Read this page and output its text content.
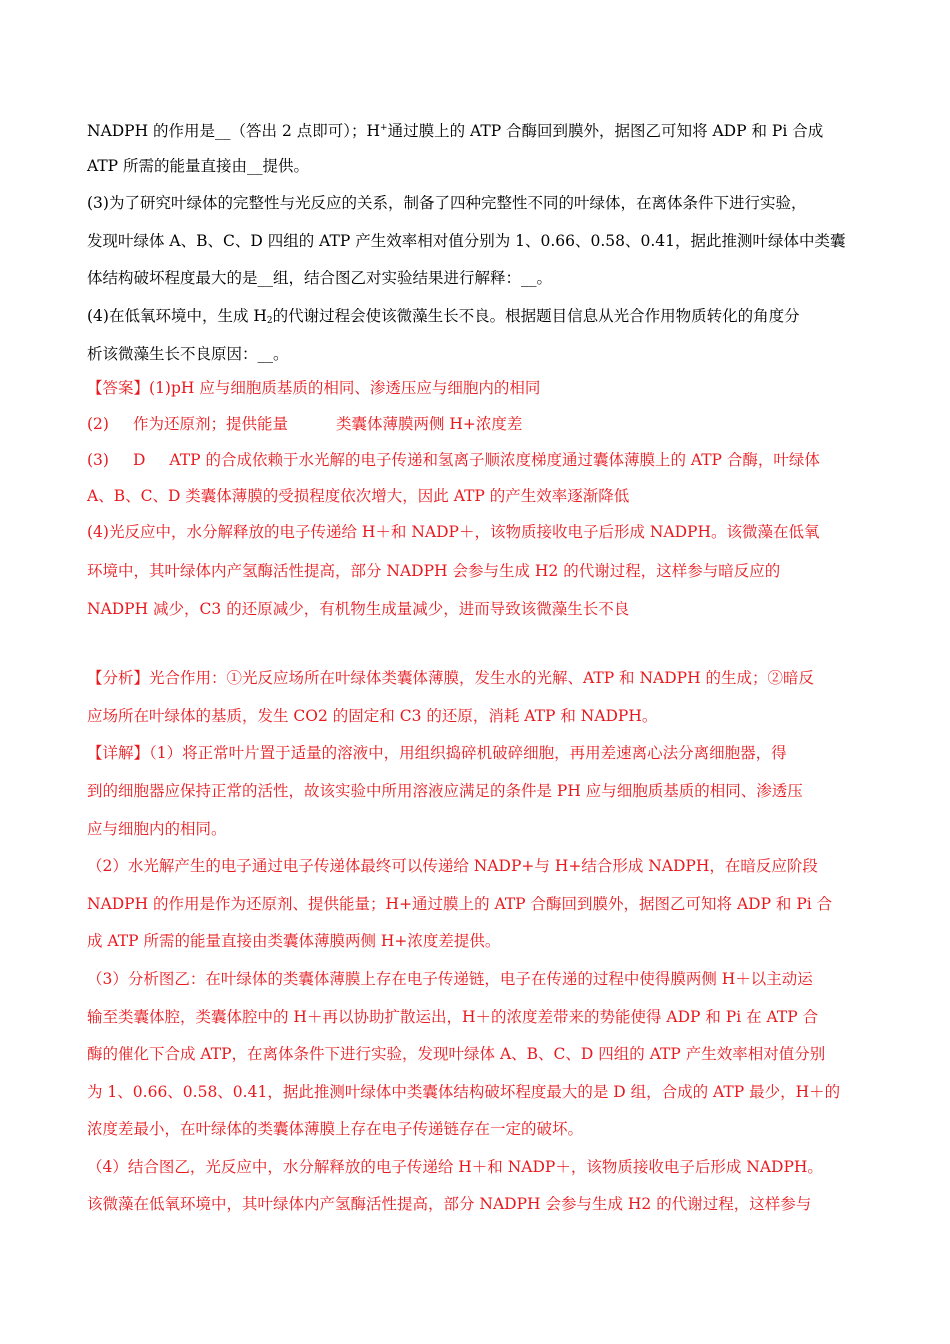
NADPH 的作用是__（答出 2 点即可）；H+通过膜上的 ATP 合酶回到膜外，据图乙可知将 ADP 和 Pi 合成
ATP 所需的能量直接由__提供。
(3)为了研究叶绿体的完整性与光反应的关系，制备了四种完整性不同的叶绿体，在离体条件下进行实验，
发现叶绿体 A、B、C、D 四组的 ATP 产生效率相对值分别为 1、0.66、0.58、0.41，据此推测叶绿体中类囊
体结构破坏程度最大的是__组，结合图乙对实验结果进行解释：__。
(4)在低氧环境中，生成 $H_2$的代谢过程会使该微藻生长不良。根据题目信息从光合作用物质转化的角度分
析该微藻生长不良原因：__。
【答案】(1)pH 应与细胞质基质的相同、渗透压应与细胞内的相同
(2) 作为还原剂；提供能量	类囊体薄膜两侧 H+浓度差
(3) D ATP 的合成依赖于水光解的电子传递和氢离子顺浓度梯度通过囊体薄膜上的 ATP 合酶，叶绿体
A、B、C、D 类囊体薄膜的受损程度依次增大，因此 ATP 的产生效率逐渐降低
(4)光反应中，水分解释放的电子传递给 H＋和 NADP＋，该物质接收电子后形成 NADPH。该微藻在低氧
环境中，其叶绿体内产氢酶活性提高，部分 NADPH 会参与生成 H2 的代谢过程，这样参与暗反应的
NADPH 减少，C3 的还原减少，有机物生成量减少，进而导致该微藻生长不良
【分析】光合作用：①光反应场所在叶绿体类囊体薄膜，发生水的光解、ATP 和 NADPH 的生成；②暗反
应场所在叶绿体的基质，发生 CO2 的固定和 C3 的还原，消耗 ATP 和 NADPH。
【详解】（1）将正常叶片置于适量的溶液中，用组织捣碎机破碎细胞，再用差速离心法分离细胞器，得
到的细胞器应保持正常的活性，故该实验中所用溶液应满足的条件是 PH 应与细胞质基质的相同、渗透压
应与细胞内的相同。
（2）水光解产生的电子通过电子传递体最终可以传递给 NADP+与 H+结合形成 NADPH，在暗反应阶段
NADPH 的作用是作为还原剂、提供能量；H+通过膜上的 ATP 合酶回到膜外，据图乙可知将 ADP 和 Pi 合
成 ATP 所需的能量直接由类囊体薄膜两侧 H+浓度差提供。
（3）分析图乙：在叶绿体的类囊体薄膜上存在电子传递链，电子在传递的过程中使得膜两侧 H＋以主动运
输至类囊体腔，类囊体腔中的 H＋再以协助扩散运出，H＋的浓度差带来的势能使得 ADP 和 Pi 在 ATP 合
酶的催化下合成 ATP，在离体条件下进行实验，发现叶绿体 A、B、C、D 四组的 ATP 产生效率相对值分别
为 1、0.66、0.58、0.41，据此推测叶绿体中类囊体结构破坏程度最大的是 D 组，合成的 ATP 最少，H＋的
浓度差最小，在叶绿体的类囊体薄膜上存在电子传递链存在一定的破坏。
（4）结合图乙，光反应中，水分解释放的电子传递给 H＋和 NADP＋，该物质接收电子后形成 NADPH。
该微藻在低氧环境中，其叶绿体内产氢酶活性提高，部分 NADPH 会参与生成 H2 的代谢过程，这样参与
